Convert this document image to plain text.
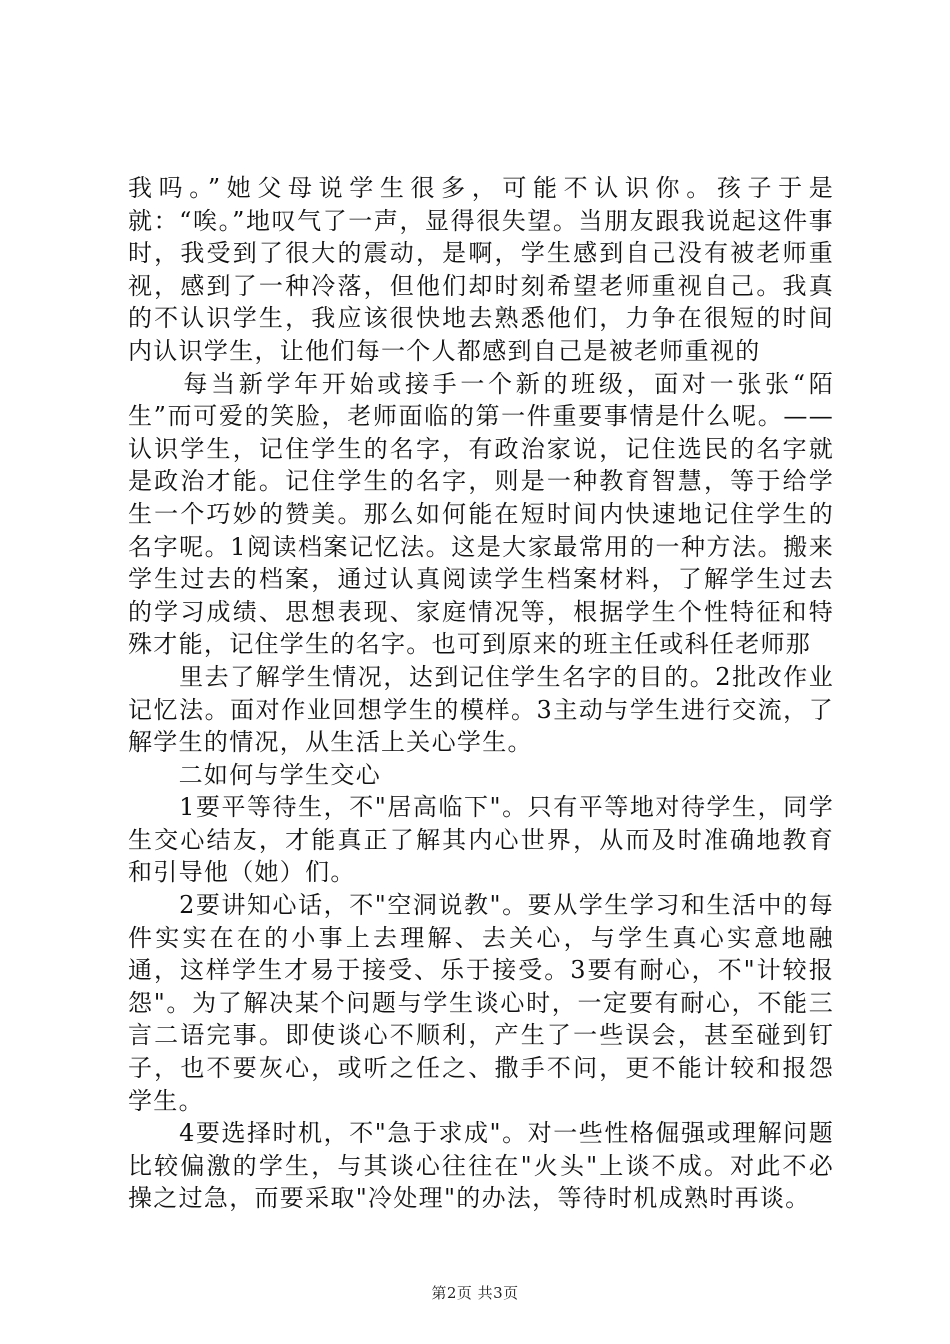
我吗。”她父母说学生很多，可能不认识你。孩子于是就：“唉。”地叹气了一声，显得很失望。当朋友跟我说起这件事时，我受到了很大的震动，是啊，学生感到自己没有被老师重视，感到了一种冷落，但他们却时刻希望老师重视自己。我真的不认识学生，我应该很快地去熟悉他们，力争在很短的时间内认识学生，让他们每一个人都感到自己是被老师重视的

　　每当新学年开始或接手一个新的班级，面对一张张“陌生”而可爱的笑脸，老师面临的第一件重要事情是什么呢。——认识学生，记住学生的名字，有政治家说，记住选民的名字就是政治才能。记住学生的名字，则是一种教育智慧，等于给学生一个巧妙的赞美。那么如何能在短时间内快速地记住学生的名字呢。1阅读档案记忆法。这是大家最常用的一种方法。搬来学生过去的档案，通过认真阅读学生档案材料，了解学生过去的学习成绩、思想表现、家庭情况等，根据学生个性特征和特殊才能，记住学生的名字。也可到原来的班主任或科任老师那

　　里去了解学生情况，达到记住学生名字的目的。2批改作业记忆法。面对作业回想学生的模样。3主动与学生进行交流，了解学生的情况，从生活上关心学生。

　　二如何与学生交心

　　1要平等待生，不"居高临下"。只有平等地对待学生，同学生交心结友，才能真正了解其内心世界，从而及时准确地教育和引导他（她）们。

　　2要讲知心话，不"空洞说教"。要从学生学习和生活中的每件实实在在的小事上去理解、去关心，与学生真心实意地融通，这样学生才易于接受、乐于接受。3要有耐心，不"计较报怨"。为了解决某个问题与学生谈心时，一定要有耐心，不能三言二语完事。即使谈心不顺利，产生了一些误会，甚至碰到钉子，也不要灰心，或听之任之、撒手不问，更不能计较和报怨学生。

　　4要选择时机，不"急于求成"。对一些性格倔强或理解问题比较偏激的学生，与其谈心往往在"火头"上谈不成。对此不必操之过急，而要采取"冷处理"的办法，等待时机成熟时再谈。

第2页 共3页
